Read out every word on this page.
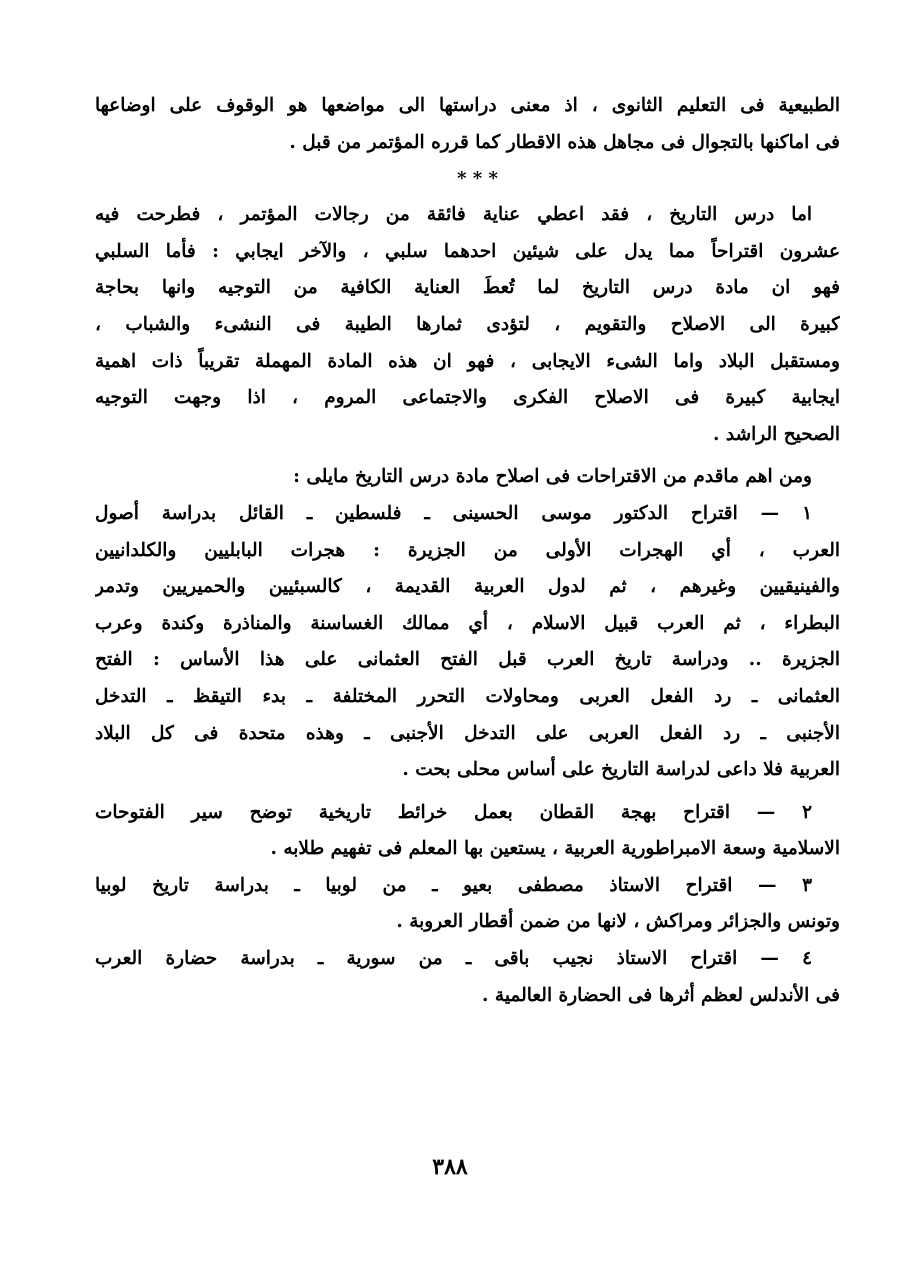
الطبيعية فى التعليم الثانوى ، اذ معنى دراستها الى مواضعها هو الوقوف على اوضاعها
فى اماكنها بالتجوال فى مجاهل هذه الاقطار كما قرره المؤتمر من قبل .
* * *
اما درس التاريخ ، فقد اعطي عناية فائقة من رجالات المؤتمر ، فطرحت فيه
عشرون اقتراحاً مما يدل على شيئين احدهما سلبي ، والآخر ايجابي : فأما السلبي
فهو ان مادة درس التاريخ لما تُعطَ العناية الكافية من التوجيه وانها بحاجة
كبيرة الى الاصلاح والتقويم ، لتؤدى ثمارها الطيبة فى النشىء والشباب ،
ومستقبل البلاد واما الشىء الايجابى ، فهو ان هذه المادة المهملة تقريباً ذات اهمية
ايجابية كبيرة فى الاصلاح الفكرى والاجتماعى المروم ، اذا وجهت التوجيه
الصحيح الراشد .
ومن اهم ماقدم من الاقتراحات فى اصلاح مادة درس التاريخ مايلى :
١ — اقتراح الدكتور موسى الحسينى ـ فلسطين ـ القائل بدراسة أصول
العرب ، أي الهجرات الأولى من الجزيرة : هجرات البابليين والكلدانيين
والفينيقيين وغيرهم ، ثم لدول العربية القديمة ، كالسبئيين والحميريين وتدمر
البطراء ، ثم العرب قبيل الاسلام ، أي ممالك الغساسنة والمناذرة وكندة وعرب
الجزيرة .. ودراسة تاريخ العرب قبل الفتح العثمانى على هذا الأساس : الفتح
العثمانى ـ رد الفعل العربى ومحاولات التحرر المختلفة ـ بدء التيقظ ـ التدخل
الأجنبى ـ رد الفعل العربى على التدخل الأجنبى ـ وهذه متحدة فى كل البلاد
العربية فلا داعى لدراسة التاريخ على أساس محلى بحت .
٢ — اقتراح بهجة القطان بعمل خرائط تاريخية توضح سير الفتوحات
الاسلامية وسعة الامبراطورية العربية ، يستعين بها المعلم فى تفهيم طلابه .
٣ — اقتراح الاستاذ مصطفى بعيو ـ من لوبيا ـ بدراسة تاريخ لوبيا
وتونس والجزائر ومراكش ، لانها من ضمن أقطار العروبة .
٤ — اقتراح الاستاذ نجيب باقى ـ من سورية ـ بدراسة حضارة العرب
فى الأندلس لعظم أثرها فى الحضارة العالمية .
٣٨٨
